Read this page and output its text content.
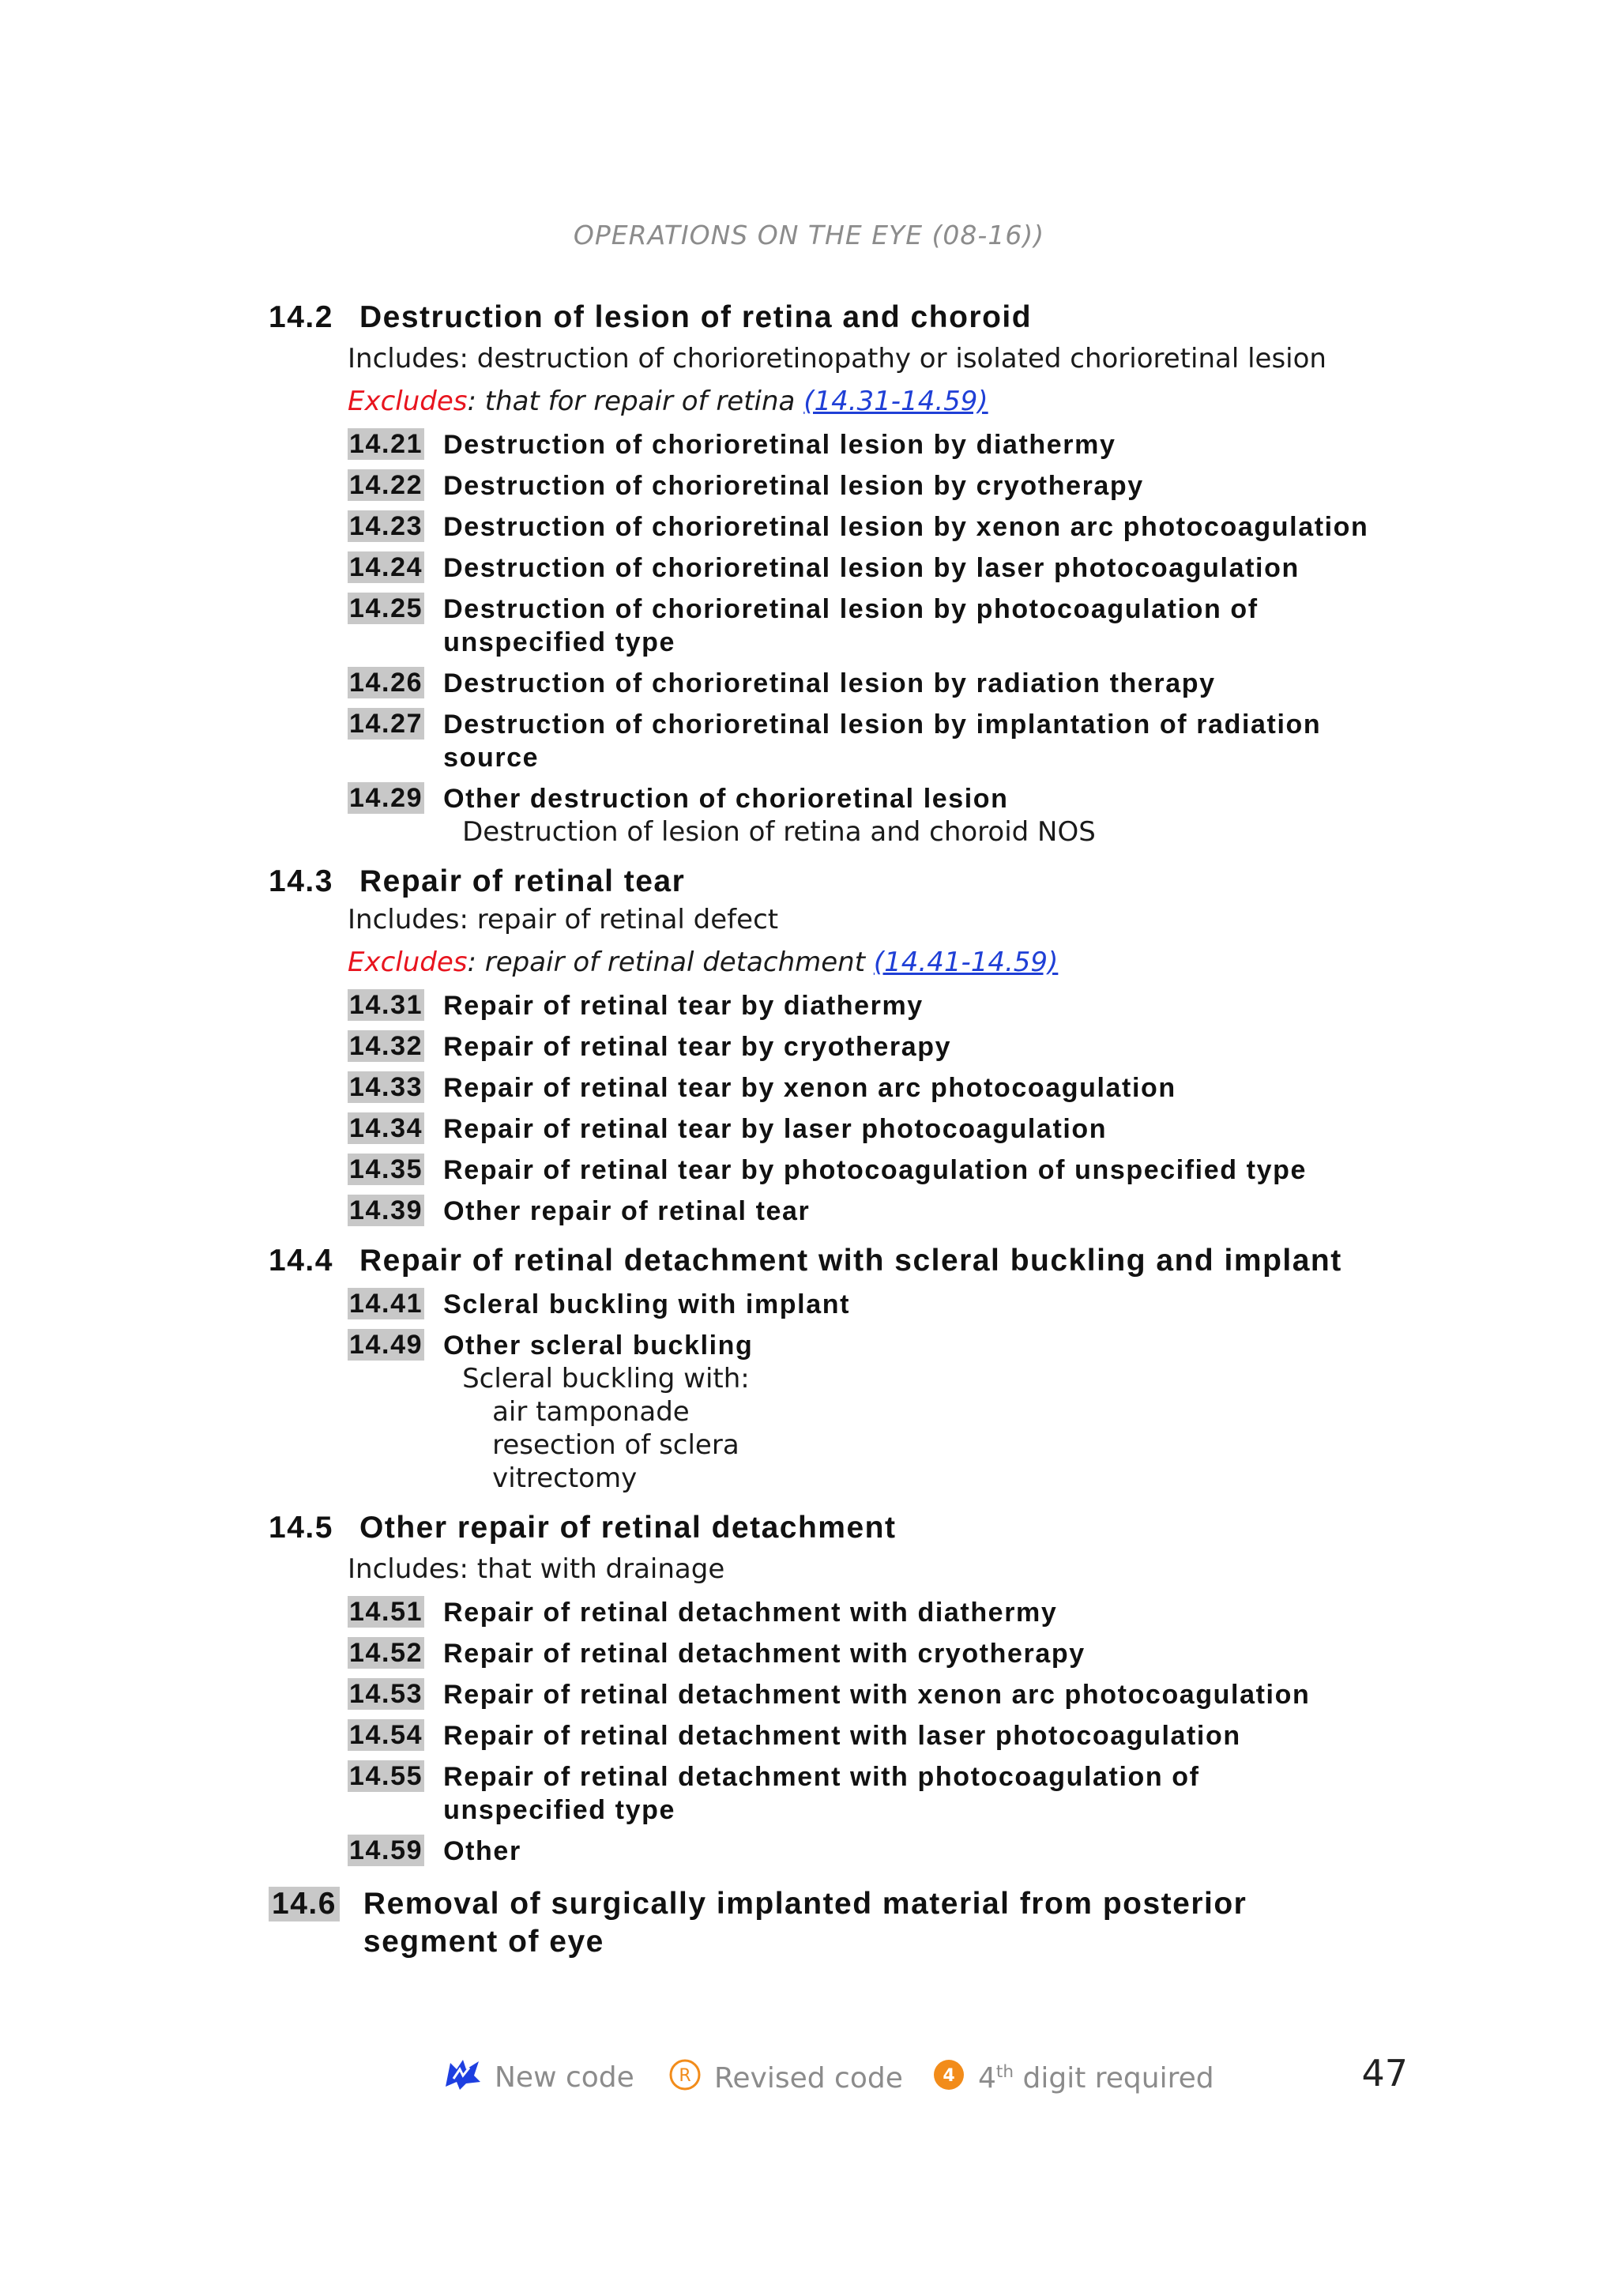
OPERATIONS ON THE EYE (08-16))
14.2 Destruction of lesion of retina and choroid
Includes: destruction of chorioretinopathy or isolated chorioretinal lesion
Excludes: that for repair of retina (14.31-14.59)
14.21 Destruction of chorioretinal lesion by diathermy
14.22 Destruction of chorioretinal lesion by cryotherapy
14.23 Destruction of chorioretinal lesion by xenon arc photocoagulation
14.24 Destruction of chorioretinal lesion by laser photocoagulation
14.25 Destruction of chorioretinal lesion by photocoagulation of unspecified type
14.26 Destruction of chorioretinal lesion by radiation therapy
14.27 Destruction of chorioretinal lesion by implantation of radiation source
14.29 Other destruction of chorioretinal lesion
Destruction of lesion of retina and choroid NOS
14.3 Repair of retinal tear
Includes: repair of retinal defect
Excludes: repair of retinal detachment (14.41-14.59)
14.31 Repair of retinal tear by diathermy
14.32 Repair of retinal tear by cryotherapy
14.33 Repair of retinal tear by xenon arc photocoagulation
14.34 Repair of retinal tear by laser photocoagulation
14.35 Repair of retinal tear by photocoagulation of unspecified type
14.39 Other repair of retinal tear
14.4 Repair of retinal detachment with scleral buckling and implant
14.41 Scleral buckling with implant
14.49 Other scleral buckling
Scleral buckling with:
air tamponade
resection of sclera
vitrectomy
14.5 Other repair of retinal detachment
Includes: that with drainage
14.51 Repair of retinal detachment with diathermy
14.52 Repair of retinal detachment with cryotherapy
14.53 Repair of retinal detachment with xenon arc photocoagulation
14.54 Repair of retinal detachment with laser photocoagulation
14.55 Repair of retinal detachment with photocoagulation of unspecified type
14.59 Other
14.6 Removal of surgically implanted material from posterior segment of eye
New code	R Revised code 4 4th digit required	47
